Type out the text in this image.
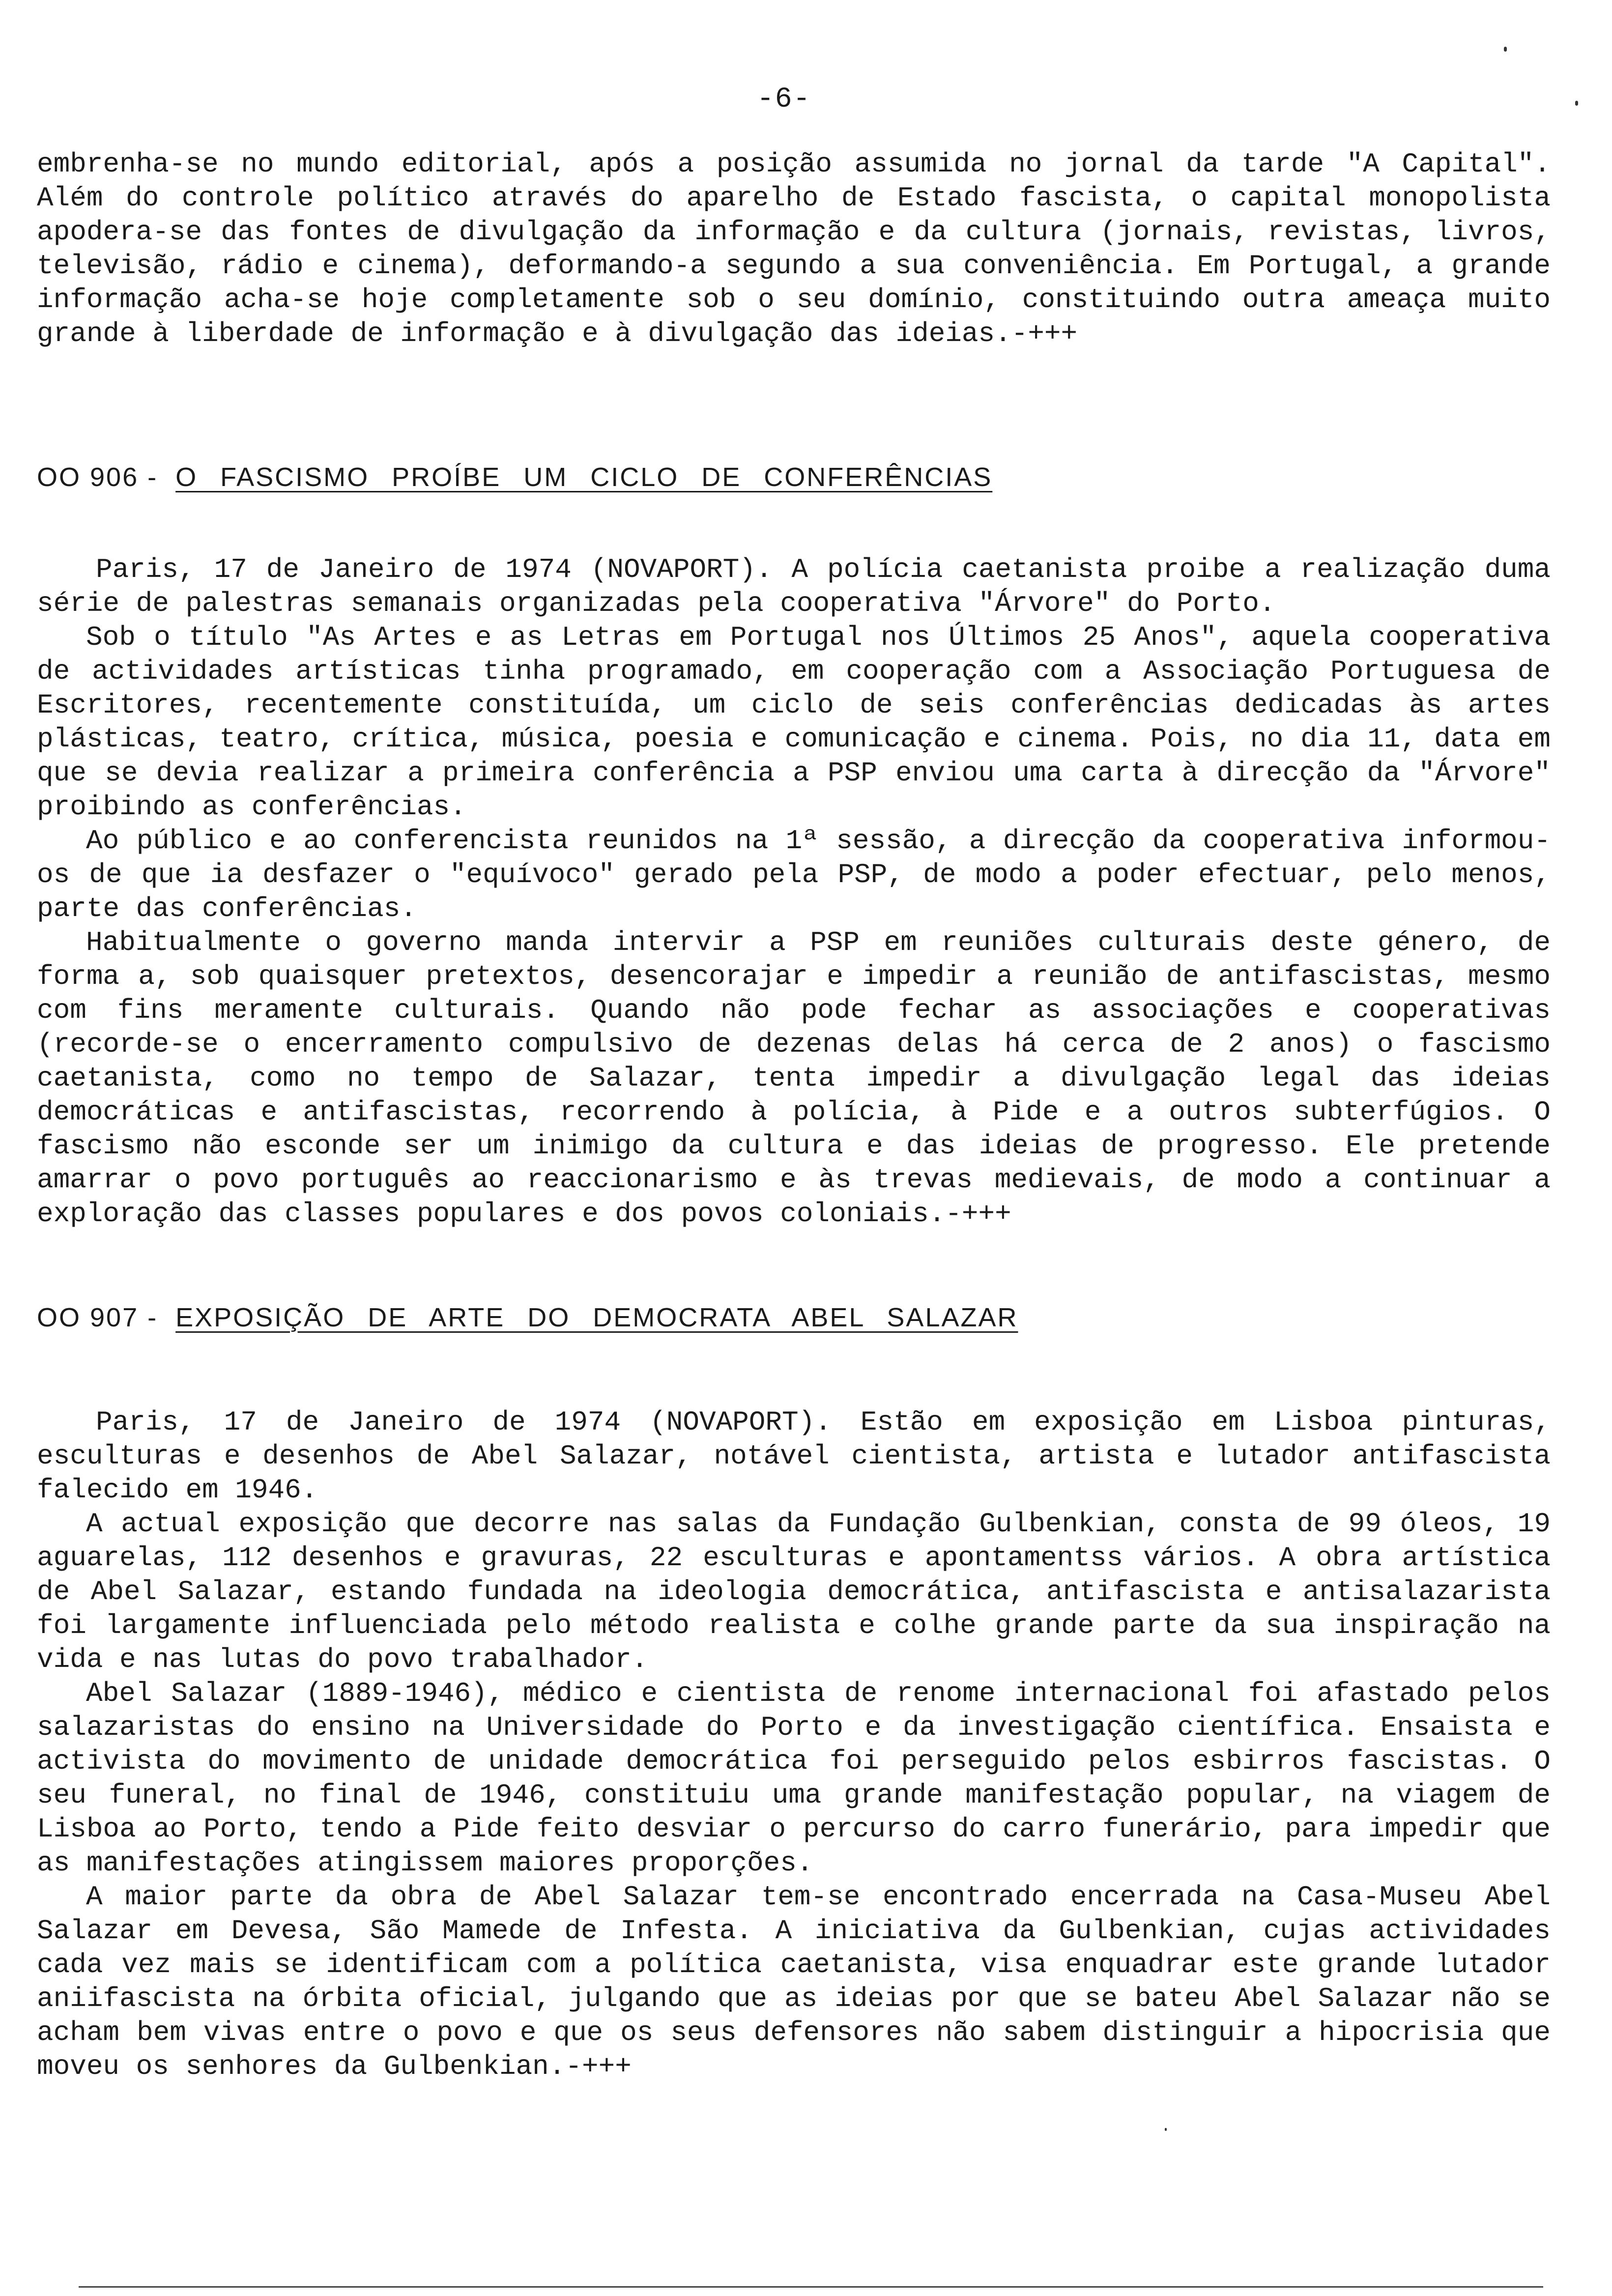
-6-

embrenha-se no mundo editorial, após a posição assumida no jornal da tarde "A Capital". Além do controle político através do aparelho de Estado fascista, o capital monopolista apodera-se das fontes de divulgação da informação e da cultura (jornais, revistas, livros, televisão, rádio e cinema), deformando-a segundo a sua conveniência. Em Portugal, a grande informação acha-se hoje completamente sob o seu domínio, constituindo outra ameaça muito grande à liberdade de informação e à divulgação das ideias.-+++

OO 906 - O FASCISMO PROÍBE UM CICLO DE CONFERÊNCIAS

Paris, 17 de Janeiro de 1974 (NOVAPORT). A polícia caetanista proibe a realização duma série de palestras semanais organizadas pela cooperativa "Árvore" do Porto.

Sob o título "As Artes e as Letras em Portugal nos Últimos 25 Anos", aquela cooperativa de actividades artísticas tinha programado, em cooperação com a Associação Portuguesa de Escritores, recentemente constituída, um ciclo de seis conferências dedicadas às artes plásticas, teatro, crítica, música, poesia e comunicação e cinema. Pois, no dia 11, data em que se devia realizar a primeira conferência a PSP enviou uma carta à direcção da "Árvore" proibindo as conferências.

Ao público e ao conferencista reunidos na 1ª sessão, a direcção da cooperativa informou-os de que ia desfazer o "equívoco" gerado pela PSP, de modo a poder efectuar, pelo menos, parte das conferências.

Habitualmente o governo manda intervir a PSP em reuniões culturais deste género, de forma a, sob quaisquer pretextos, desencorajar e impedir a reunião de antifascistas, mesmo com fins meramente culturais. Quando não pode fechar as associações e cooperativas (recorde-se o encerramento compulsivo de dezenas delas há cerca de 2 anos) o fascismo caetanista, como no tempo de Salazar, tenta impedir a divulgação legal das ideias democráticas e antifascistas, recorrendo à polícia, à Pide e a outros subterfúgios. O fascismo não esconde ser um inimigo da cultura e das ideias de progresso. Ele pretende amarrar o povo português ao reaccionarismo e às trevas medievais, de modo a continuar a exploração das classes populares e dos povos coloniais.-+++

OO 907 - EXPOSIÇÃO DE ARTE DO DEMOCRATA ABEL SALAZAR

Paris, 17 de Janeiro de 1974 (NOVAPORT). Estão em exposição em Lisboa pinturas, esculturas e desenhos de Abel Salazar, notável cientista, artista e lutador antifascista falecido em 1946.

A actual exposição que decorre nas salas da Fundação Gulbenkian, consta de 99 óleos, 19 aguarelas, 112 desenhos e gravuras, 22 esculturas e apontamentss vários. A obra artística de Abel Salazar, estando fundada na ideologia democrática, antifascista e antisalazarista foi largamente influenciada pelo método realista e colhe grande parte da sua inspiração na vida e nas lutas do povo trabalhador.

Abel Salazar (1889-1946), médico e cientista de renome internacional foi afastado pelos salazaristas do ensino na Universidade do Porto e da investigação científica. Ensaista e activista do movimento de unidade democrática foi perseguido pelos esbirros fascistas. O seu funeral, no final de 1946, constituiu uma grande manifestação popular, na viagem de Lisboa ao Porto, tendo a Pide feito desviar o percurso do carro funerário, para impedir que as manifestações atingissem maiores proporções.

A maior parte da obra de Abel Salazar tem-se encontrado encerrada na Casa-Museu Abel Salazar em Devesa, São Mamede de Infesta. A iniciativa da Gulbenkian, cujas actividades cada vez mais se identificam com a política caetanista, visa enquadrar este grande lutador aniifascista na órbita oficial, julgando que as ideias por que se bateu Abel Salazar não se acham bem vivas entre o povo e que os seus defensores não sabem distinguir a hipocrisia que moveu os senhores da Gulbenkian.-+++
